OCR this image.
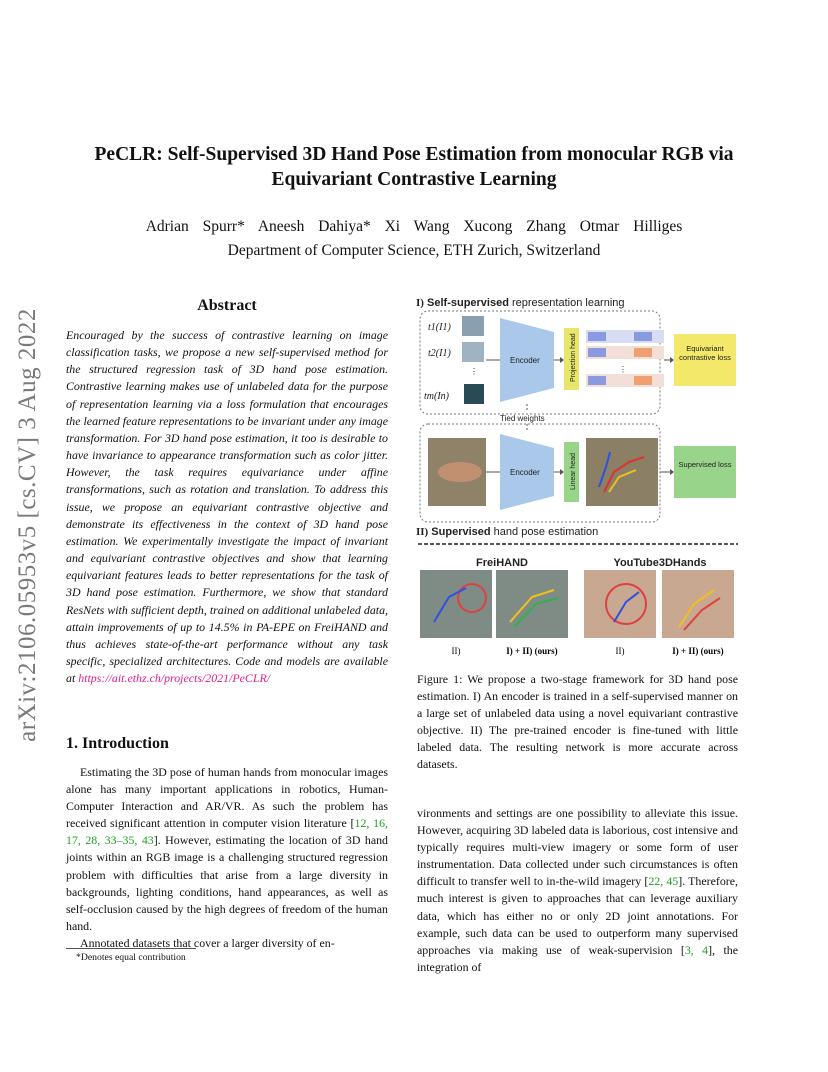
arXiv:2106.05953v5 [cs.CV] 3 Aug 2022
PeCLR: Self-Supervised 3D Hand Pose Estimation from monocular RGB via
Equivariant Contrastive Learning
Adrian Spurr* Aneesh Dahiya* Xi Wang Xucong Zhang Otmar Hilliges
Department of Computer Science, ETH Zurich, Switzerland
Abstract
Encouraged by the success of contrastive learning on image classification tasks, we propose a new self-supervised method for the structured regression task of 3D hand pose estimation. Contrastive learning makes use of unlabeled data for the purpose of representation learning via a loss formulation that encourages the learned feature representations to be invariant under any image transformation. For 3D hand pose estimation, it too is desirable to have invariance to appearance transformation such as color jitter. However, the task requires equivariance under affine transformations, such as rotation and translation. To address this issue, we propose an equivariant contrastive objective and demonstrate its effectiveness in the context of 3D hand pose estimation. We experimentally investigate the impact of invariant and equivariant contrastive objectives and show that learning equivariant features leads to better representations for the task of 3D hand pose estimation. Furthermore, we show that standard ResNets with sufficient depth, trained on additional unlabeled data, attain improvements of up to 14.5% in PA-EPE on FreiHAND and thus achieves state-of-the-art performance without any task specific, specialized architectures. Code and models are available at https://ait.ethz.ch/projects/2021/PeCLR/
1. Introduction

Estimating the 3D pose of human hands from monocular images alone has many important applications in robotics, Human-Computer Interaction and AR/VR. As such the problem has received significant attention in computer vision literature [12, 16, 17, 28, 33–35, 43]. However, estimating the location of 3D hand joints within an RGB image is a challenging structured regression problem with difficulties that arise from a large diversity in backgrounds, lighting conditions, hand appearances, as well as self-occlusion caused by the high degrees of freedom of the human hand.

Annotated datasets that cover a larger diversity of en-

*Denotes equal contribution
I) Self-supervised representation learning
t1(I1)
t2(I1)
tm(In)
⋮
Encoder	Projection head	⋮
Equivariant contrastive loss
Tied weights
Encoder	Linear head	Supervised loss
II) Supervised hand pose estimation
FreiHAND	YouTube3DHands
II)	I) + II) (ours)	II)	I) + II) (ours)
Figure 1: We propose a two-stage framework for 3D hand pose estimation. I) An encoder is trained in a self-supervised manner on a large set of unlabeled data using a novel equivariant contrastive objective. II) The pre-trained encoder is fine-tuned with little labeled data. The resulting network is more accurate across datasets.
vironments and settings are one possibility to alleviate this issue. However, acquiring 3D labeled data is laborious, cost intensive and typically requires multi-view imagery or some form of user instrumentation. Data collected under such circumstances is often difficult to transfer well to in-the-wild imagery [22, 45]. Therefore, much interest is given to approaches that can leverage auxiliary data, which has either no or only 2D joint annotations. For example, such data can be used to outperform many supervised approaches via making use of weak-supervision [3, 4], the integration of
